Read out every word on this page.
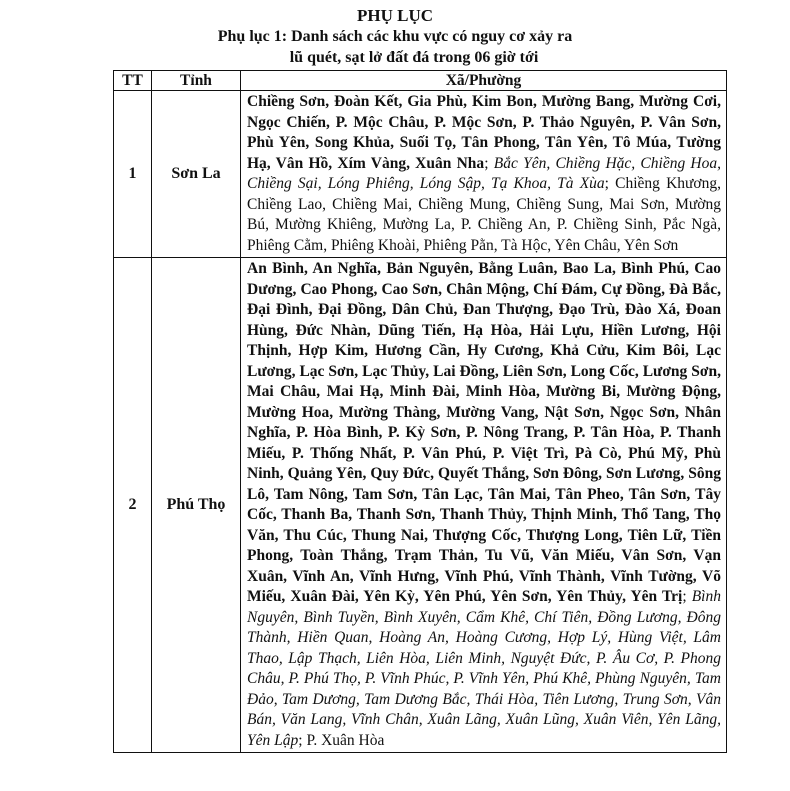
PHỤ LỤC
Phụ lục 1: Danh sách các khu vực có nguy cơ xảy ra
lũ quét, sạt lở đất đá trong 06 giờ tới
TT	Tỉnh	Xã/Phường
1	Sơn La	Chiềng Sơn, Đoàn Kết, Gia Phù, Kim Bon, Mường Bang, Mường Cơi, Ngọc Chiến, P. Mộc Châu, P. Mộc Sơn, P. Thảo Nguyên, P. Vân Sơn, Phù Yên, Song Khủa, Suối Tọ, Tân Phong, Tân Yên, Tô Múa, Tường Hạ, Vân Hồ, Xím Vàng, Xuân Nha; Bắc Yên, Chiềng Hặc, Chiềng Hoa, Chiềng Sại, Lóng Phiêng, Lóng Sập, Tạ Khoa, Tà Xùa; Chiềng Khương, Chiềng Lao, Chiềng Mai, Chiềng Mung, Chiềng Sung, Mai Sơn, Mường Bú, Mường Khiêng, Mường La, P. Chiềng An, P. Chiềng Sinh, Pắc Ngà, Phiêng Cằm, Phiêng Khoài, Phiêng Pằn, Tà Hộc, Yên Châu, Yên Sơn
2	Phú Thọ	An Bình, An Nghĩa, Bản Nguyên, Bằng Luân, Bao La, Bình Phú, Cao Dương, Cao Phong, Cao Sơn, Chân Mộng, Chí Đám, Cự Đồng, Đà Bắc, Đại Đình, Đại Đồng, Dân Chủ, Đan Thượng, Đạo Trù, Đào Xá, Đoan Hùng, Đức Nhàn, Dũng Tiến, Hạ Hòa, Hải Lựu, Hiền Lương, Hội Thịnh, Hợp Kim, Hương Cần, Hy Cương, Khả Cửu, Kim Bôi, Lạc Lương, Lạc Sơn, Lạc Thủy, Lai Đồng, Liên Sơn, Long Cốc, Lương Sơn, Mai Châu, Mai Hạ, Minh Đài, Minh Hòa, Mường Bi, Mường Động, Mường Hoa, Mường Thàng, Mường Vang, Nật Sơn, Ngọc Sơn, Nhân Nghĩa, P. Hòa Bình, P. Kỳ Sơn, P. Nông Trang, P. Tân Hòa, P. Thanh Miếu, P. Thống Nhất, P. Vân Phú, P. Việt Trì, Pà Cò, Phú Mỹ, Phù Ninh, Quảng Yên, Quy Đức, Quyết Thắng, Sơn Đông, Sơn Lương, Sông Lô, Tam Nông, Tam Sơn, Tân Lạc, Tân Mai, Tân Pheo, Tân Sơn, Tây Cốc, Thanh Ba, Thanh Sơn, Thanh Thủy, Thịnh Minh, Thổ Tang, Thọ Văn, Thu Cúc, Thung Nai, Thượng Cốc, Thượng Long, Tiên Lữ, Tiền Phong, Toàn Thắng, Trạm Thản, Tu Vũ, Văn Miếu, Vân Sơn, Vạn Xuân, Vĩnh An, Vĩnh Hưng, Vĩnh Phú, Vĩnh Thành, Vĩnh Tường, Võ Miếu, Xuân Đài, Yên Kỳ, Yên Phú, Yên Sơn, Yên Thủy, Yên Trị; Bình Nguyên, Bình Tuyền, Bình Xuyên, Cẩm Khê, Chí Tiên, Đồng Lương, Đông Thành, Hiền Quan, Hoàng An, Hoàng Cương, Hợp Lý, Hùng Việt, Lâm Thao, Lập Thạch, Liên Hòa, Liên Minh, Nguyệt Đức, P. Âu Cơ, P. Phong Châu, P. Phú Thọ, P. Vĩnh Phúc, P. Vĩnh Yên, Phú Khê, Phùng Nguyên, Tam Đảo, Tam Dương, Tam Dương Bắc, Thái Hòa, Tiên Lương, Trung Sơn, Vân Bán, Văn Lang, Vĩnh Chân, Xuân Lãng, Xuân Lũng, Xuân Viên, Yên Lãng, Yên Lập; P. Xuân Hòa
